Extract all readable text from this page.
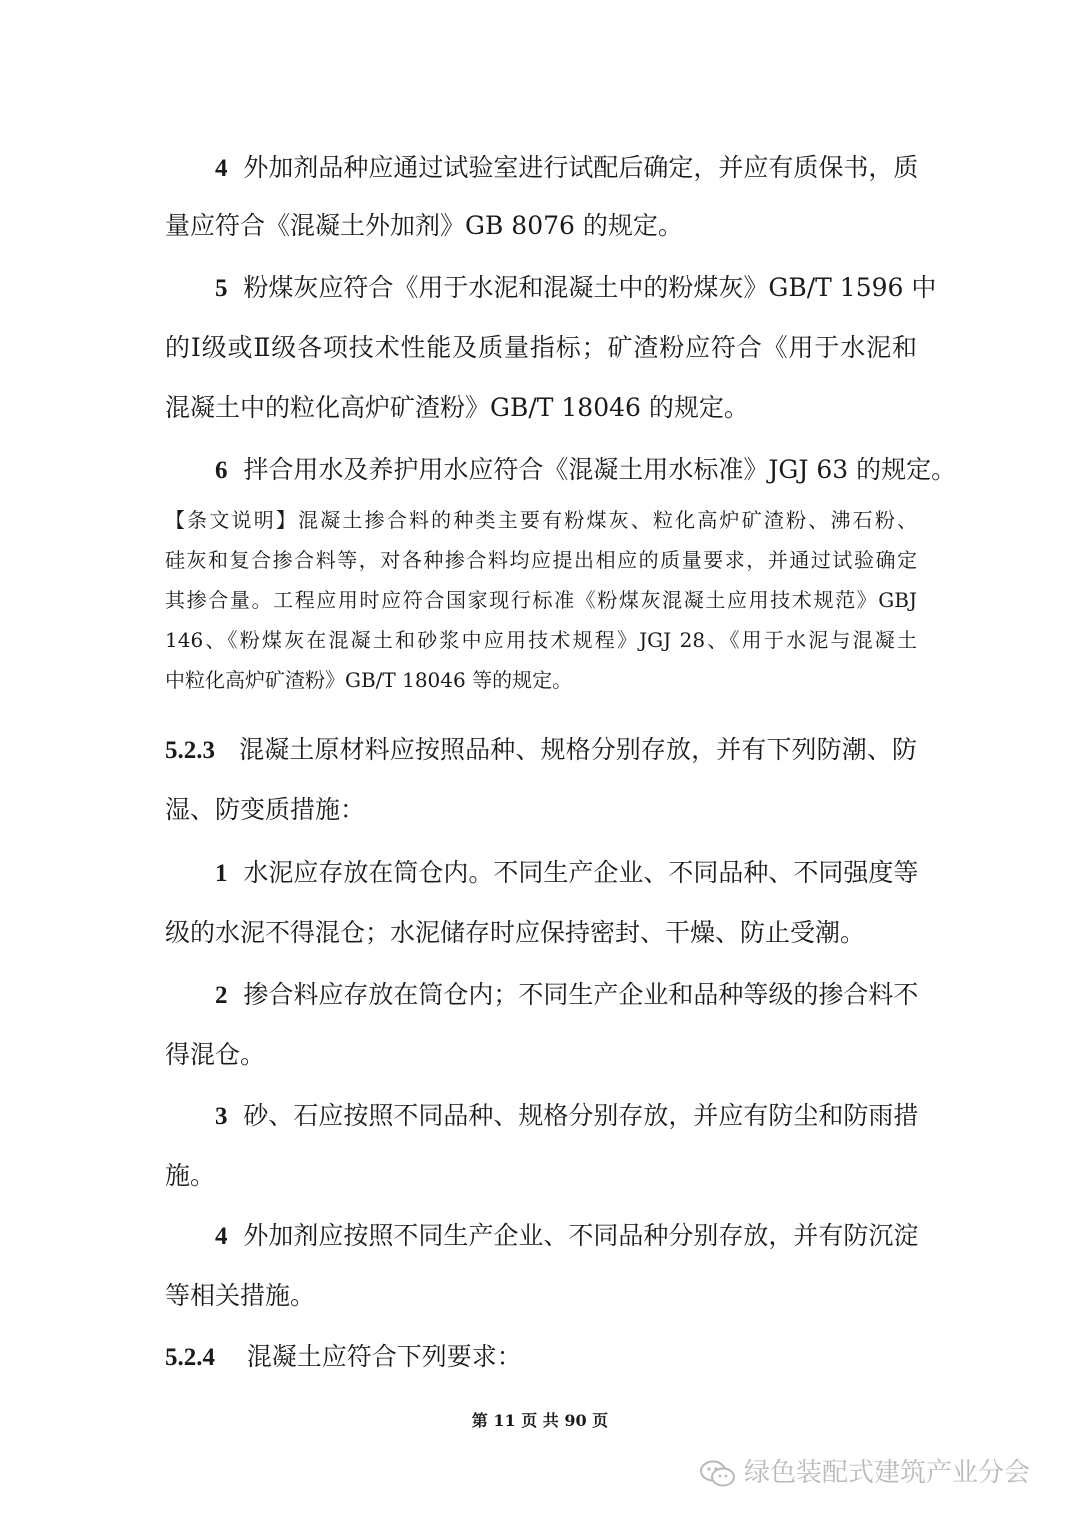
4 外加剂品种应通过试验室进行试配后确定，并应有质保书，质
量应符合《混凝土外加剂》GB 8076 的规定。
5 粉煤灰应符合《用于水泥和混凝土中的粉煤灰》GB/T 1596 中
的Ⅰ级或Ⅱ级各项技术性能及质量指标；矿渣粉应符合《用于水泥和
混凝土中的粒化高炉矿渣粉》GB/T 18046 的规定。
6 拌合用水及养护用水应符合《混凝土用水标准》JGJ 63 的规定。
【条文说明】混凝土掺合料的种类主要有粉煤灰、粒化高炉矿渣粉、沸石粉、
硅灰和复合掺合料等，对各种掺合料均应提出相应的质量要求，并通过试验确定
其掺合量。工程应用时应符合国家现行标准《粉煤灰混凝土应用技术规范》GBJ
146、《粉煤灰在混凝土和砂浆中应用技术规程》JGJ 28、《用于水泥与混凝土
中粒化高炉矿渣粉》GB/T 18046 等的规定。
5.2.3 混凝土原材料应按照品种、规格分别存放，并有下列防潮、防
湿、防变质措施：
1 水泥应存放在筒仓内。不同生产企业、不同品种、不同强度等
级的水泥不得混仓；水泥储存时应保持密封、干燥、防止受潮。
2 掺合料应存放在筒仓内；不同生产企业和品种等级的掺合料不
得混仓。
3 砂、石应按照不同品种、规格分别存放，并应有防尘和防雨措
施。
4 外加剂应按照不同生产企业、不同品种分别存放，并有防沉淀
等相关措施。
5.2.4 混凝土应符合下列要求：
第 11 页 共 90 页
绿色装配式建筑产业分会
